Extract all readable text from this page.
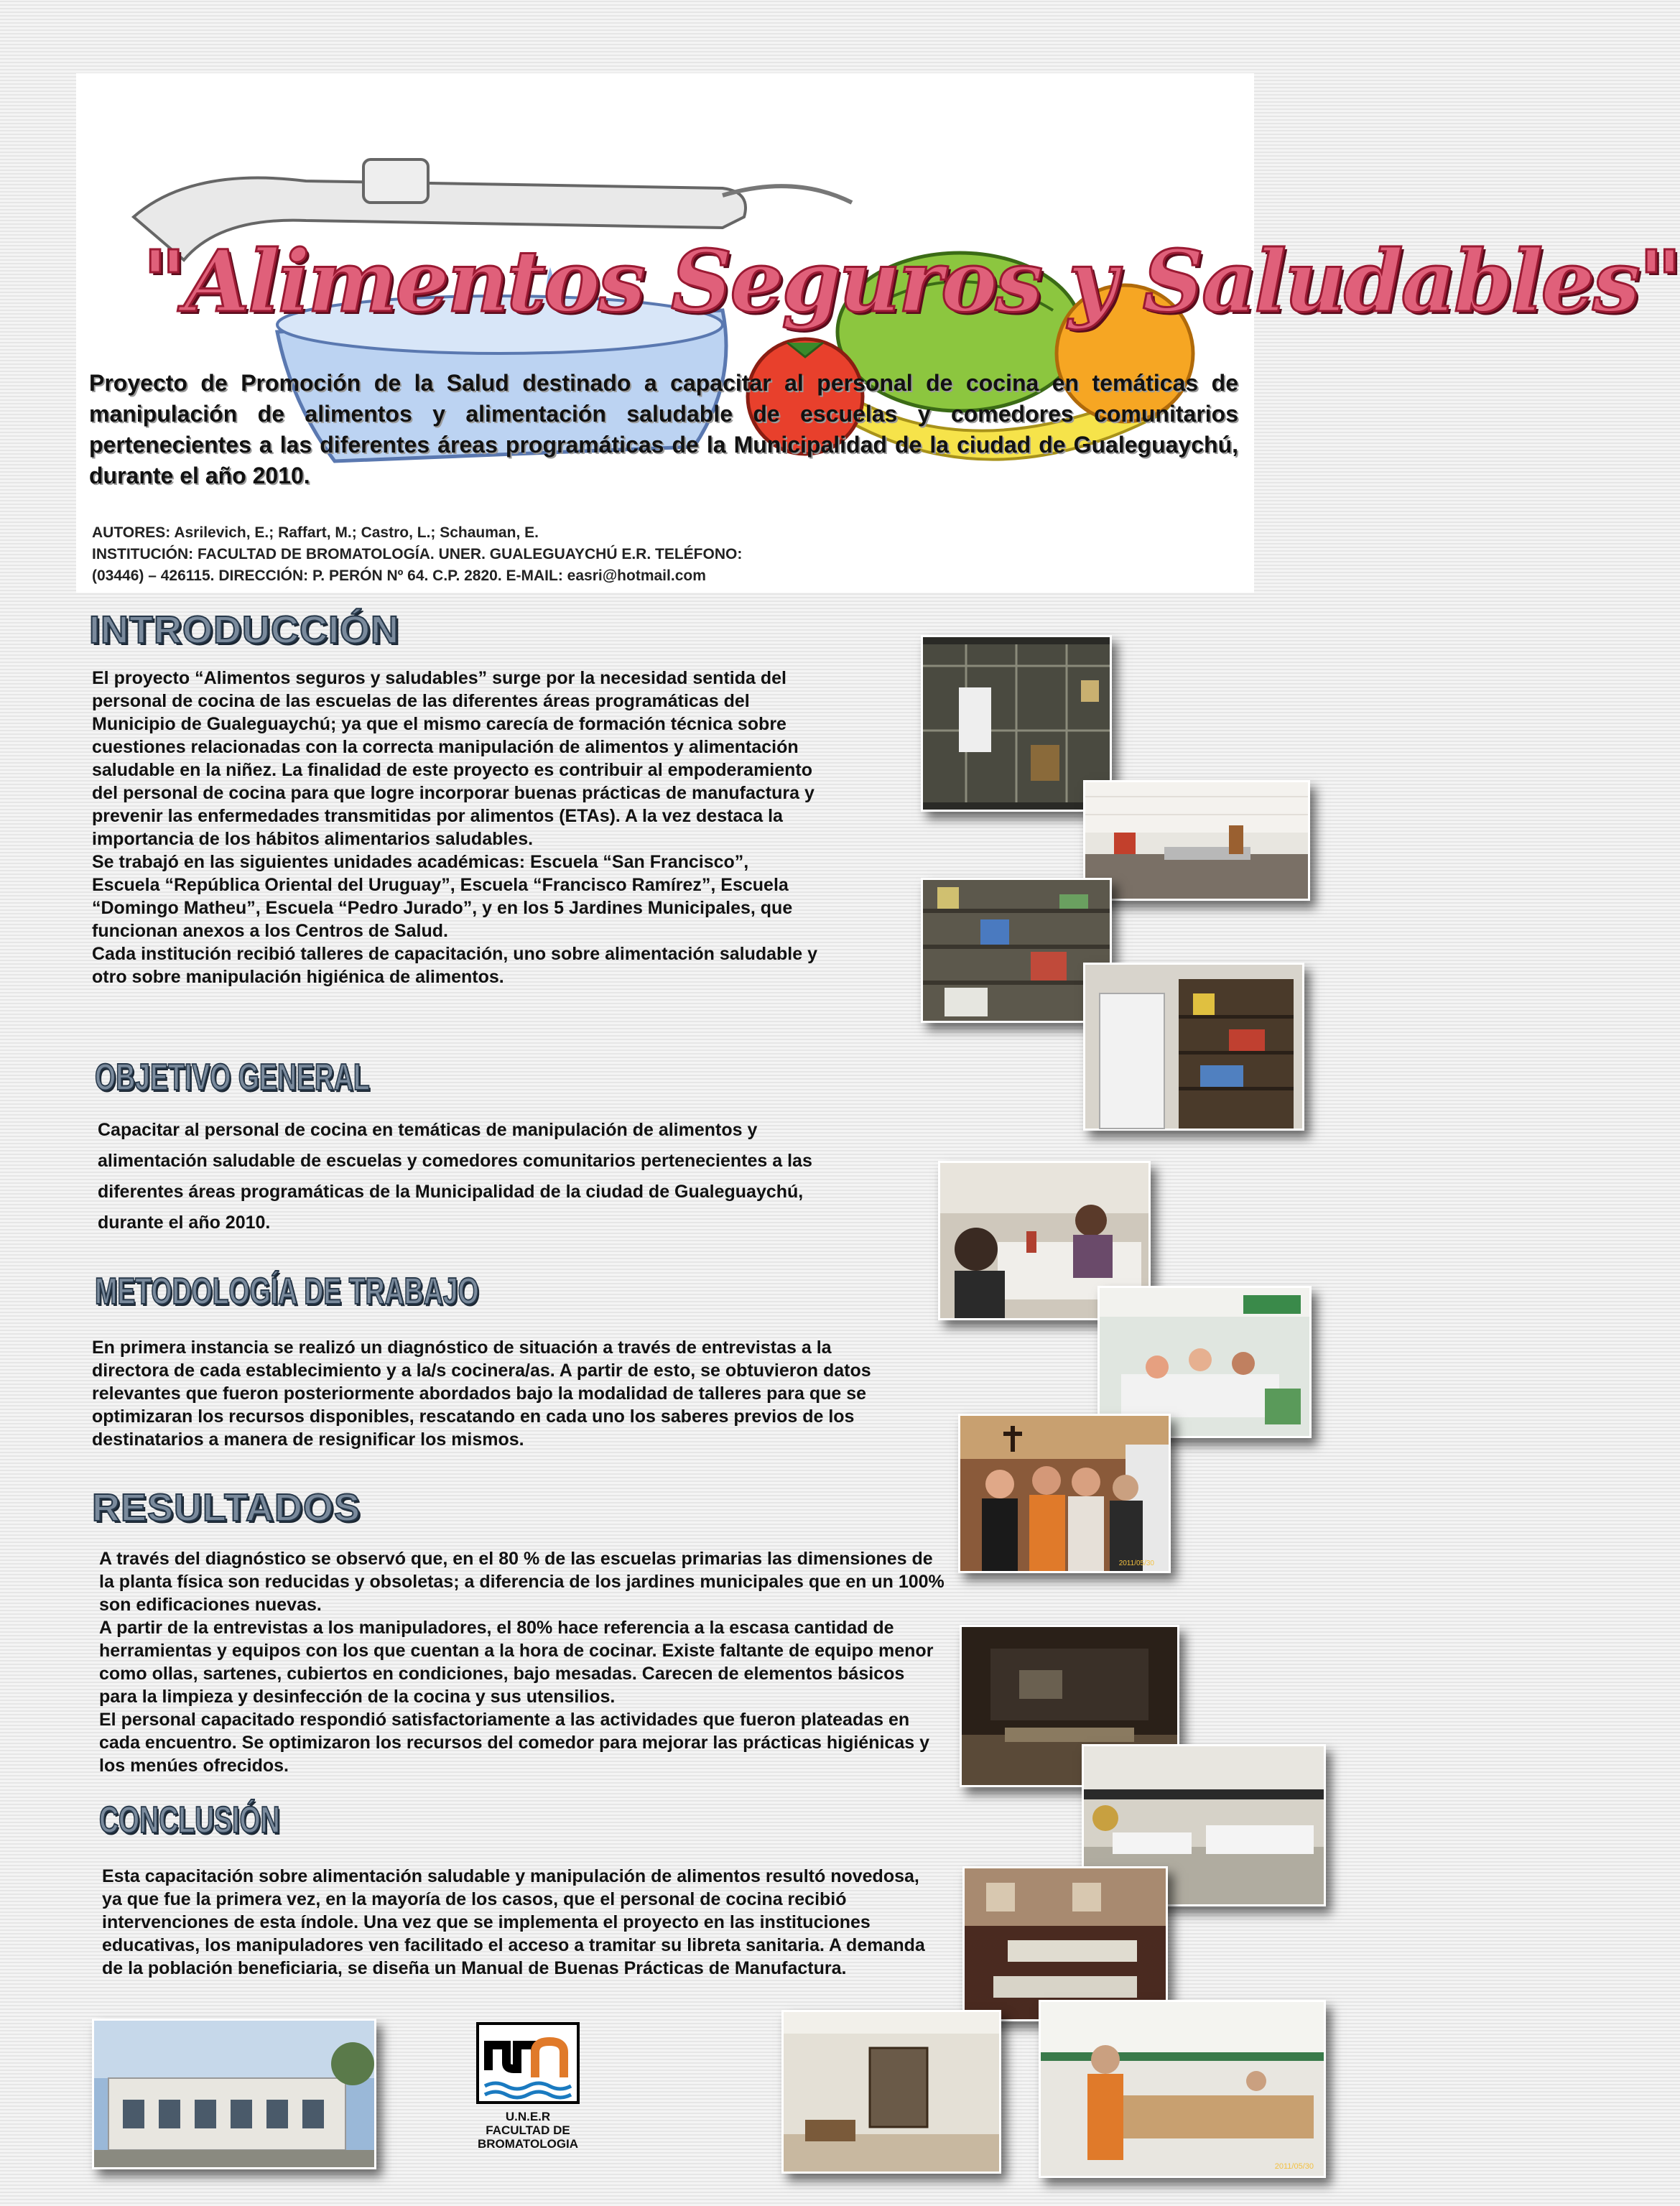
"Alimentos Seguros y Saludables"
Proyecto de Promoción de la Salud destinado a capacitar al personal de cocina en temáticas de manipulación de alimentos y alimentación saludable de escuelas y comedores comunitarios pertenecientes a las diferentes áreas programáticas de la Municipalidad de la ciudad de Gualeguaychú, durante el año 2010.
AUTORES: Asrilevich, E.; Raffart, M.; Castro, L.; Schauman, E.
INSTITUCIÓN: FACULTAD DE BROMATOLOGÍA. UNER. GUALEGUAYCHÚ E.R. TELÉFONO:
(03446) – 426115. DIRECCIÓN: P. PERÓN Nº 64. C.P. 2820. E-MAIL: easri@hotmail.com
INTRODUCCIÓN

El proyecto “Alimentos seguros y saludables” surge por la necesidad sentida del personal de cocina de las escuelas de las diferentes áreas programáticas del Municipio de Gualeguaychú; ya que el mismo carecía de formación técnica sobre cuestiones relacionadas con la correcta manipulación de alimentos y alimentación saludable en la niñez. La finalidad de este proyecto es contribuir al empoderamiento del personal de cocina para que logre incorporar buenas prácticas de manufactura y prevenir las enfermedades transmitidas por alimentos (ETAs). A la vez destaca la importancia de los hábitos alimentarios saludables.

Se trabajó en las siguientes unidades académicas: Escuela “San Francisco”, Escuela “República Oriental del Uruguay”, Escuela “Francisco Ramírez”, Escuela “Domingo Matheu”, Escuela “Pedro Jurado”, y en los 5 Jardines Municipales, que funcionan anexos a los Centros de Salud.

Cada institución recibió talleres de capacitación, uno sobre alimentación saludable y otro sobre manipulación higiénica de alimentos.

OBJETIVO GENERAL
Capacitar al personal de cocina en temáticas de manipulación de alimentos y alimentación saludable de escuelas y comedores comunitarios pertenecientes a las diferentes áreas programáticas de la Municipalidad de la ciudad de Gualeguaychú, durante el año 2010.
METODOLOGÍA DE TRABAJO
En primera instancia se realizó un diagnóstico de situación a través de entrevistas a la directora de cada establecimiento y a la/s cocinera/as. A partir de esto, se obtuvieron datos relevantes que fueron posteriormente abordados bajo la modalidad de talleres para que se optimizaran los recursos disponibles, rescatando en cada uno los saberes previos de los destinatarios a manera de resignificar los mismos.
2011/05/30
RESULTADOS

A través del diagnóstico se observó que, en el 80 % de las escuelas primarias las dimensiones de la planta física son reducidas y obsoletas; a diferencia de los jardines municipales que en un 100% son edificaciones nuevas.

A partir de la entrevistas a los manipuladores, el 80% hace referencia a la escasa cantidad de herramientas y equipos con los que cuentan a la hora de cocinar. Existe faltante de equipo menor como ollas, sartenes, cubiertos en condiciones, bajo mesadas. Carecen de elementos básicos para la limpieza y desinfección de la cocina y sus utensilios.

El personal capacitado respondió satisfactoriamente a las actividades que fueron plateadas en cada encuentro. Se optimizaron los recursos del comedor para mejorar las prácticas higiénicas y los menúes ofrecidos.

CONCLUSIÓN
Esta capacitación sobre alimentación saludable y manipulación de alimentos resultó novedosa, ya que fue la primera vez, en la mayoría de los casos, que el personal de cocina recibió intervenciones de esta índole. Una vez que se implementa el proyecto en las instituciones educativas, los manipuladores ven facilitado el acceso a tramitar su libreta sanitaria. A demanda de la población beneficiaria, se diseña un Manual de Buenas Prácticas de Manufactura.
U.N.E.R
FACULTAD DE
BROMATOLOGIA
2011/05/30
